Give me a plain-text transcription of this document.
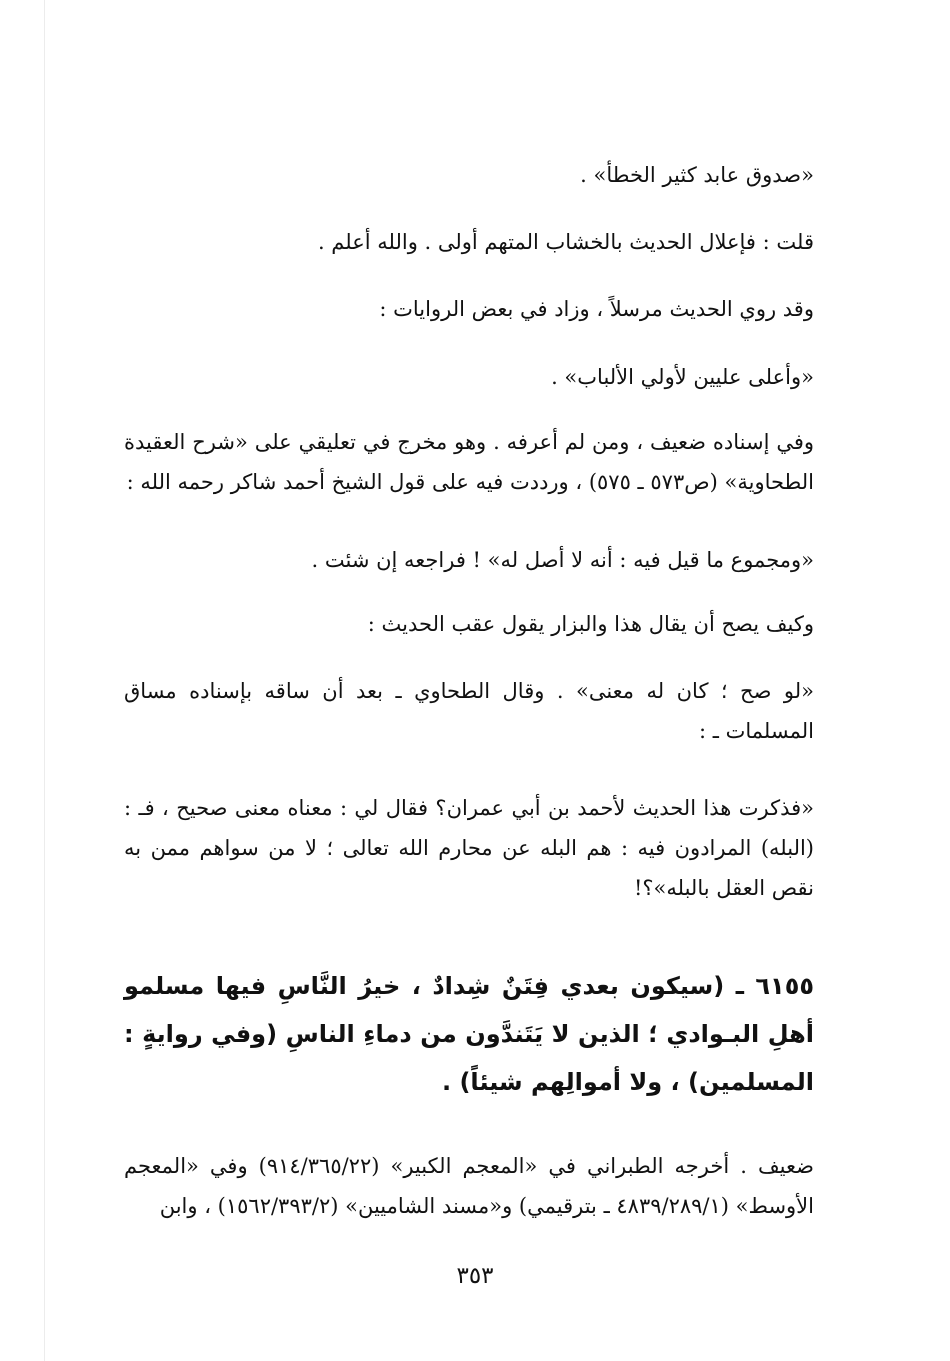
«صدوق عابد كثير الخطأ» .
قلت : فإعلال الحديث بالخشاب المتهم أولى . والله أعلم .
وقد روي الحديث مرسلاً ، وزاد في بعض الروايات :
«وأعلى عليين لأولي الألباب» .
وفي إسناده ضعيف ، ومن لم أعرفه . وهو مخرج في تعليقي على «شرح العقيدة الطحاوية» (ص٥٧٣ ـ ٥٧٥) ، ورددت فيه على قول الشيخ أحمد شاكر رحمه الله :
«ومجموع ما قيل فيه : أنه لا أصل له» ! فراجعه إن شئت .
وكيف يصح أن يقال هذا والبزار يقول عقب الحديث :
«لو صح ؛ كان له معنى» . وقال الطحاوي ـ بعد أن ساقه بإسناده مساق المسلمات ـ :
«فذكرت هذا الحديث لأحمد بن أبي عمران؟ فقال لي : معناه معنى صحيح ، فـ : (البله) المرادون فيه : هم البله عن محارم الله تعالى ؛ لا من سواهم ممن به نقص العقل بالبله»؟!
٦١٥٥ ـ (سيكون بعدي فِتَنٌ شِدادٌ ، خيرُ النَّاسِ فيها مسلمو أهلِ البـوادي ؛ الذين لا يَتَندَّون من دماءِ الناسِ (وفي روايةٍ : المسلمين) ، ولا أموالِهم شيئاً) .
ضعيف . أخرجه الطبراني في «المعجم الكبير» (٩١٤/٣٦٥/٢٢) وفي «المعجم الأوسط» (٤٨٣٩/٢٨٩/١ ـ بترقيمي) و«مسند الشاميين» (١٥٦٢/٣٩٣/٢) ، وابن
٣٥٣
